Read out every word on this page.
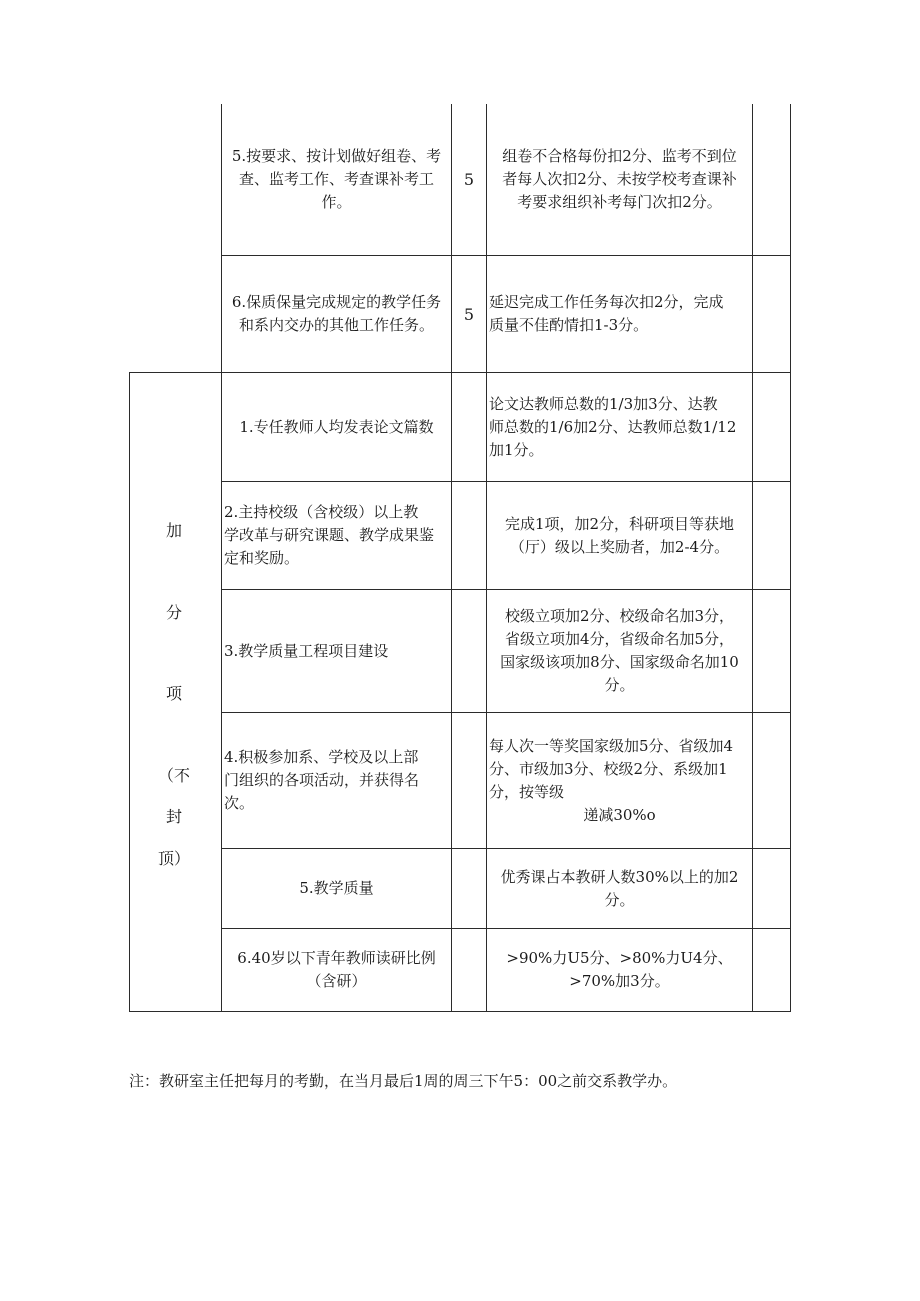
加
分
项
（不
封
顶）
5.按要求、按计划做好组卷、考
查、监考工作、考查课补考工
作。
5
组卷不合格每份扣2分、监考不到位
者每人次扣2分、未按学校考查课补
考要求组织补考每门次扣2分。
6.保质保量完成规定的教学任务
和系内交办的其他工作任务。
5
延迟完成工作任务每次扣2分，完成
质量不佳酌情扣1-3分。
1.专任教师人均发表论文篇数
论文达教师总数的1/3加3分、达教
师总数的1/6加2分、达教师总数1/12
加1分。
2.主持校级（含校级）以上教
学改革与研究课题、教学成果鉴
定和奖励。
完成1项，加2分，科研项目等获地
（厅）级以上奖励者，加2-4分。
3.教学质量工程项目建设
校级立项加2分、校级命名加3分，
省级立项加4分，省级命名加5分，
国家级该项加8分、国家级命名加10
分。
4.积极参加系、学校及以上部
门组织的各项活动，并获得名
次。
每人次一等奖国家级加5分、省级加4
分、市级加3分、校级2分、系级加1
分，按等级
递减30%o
5.教学质量
优秀课占本教研人数30%以上的加2
分。
6.40岁以下青年教师读研比例
（含研）
>90%力U5分、>80%力U4分、
>70%加3分。
注：教研室主任把每月的考勤，在当月最后1周的周三下午5：00之前交系教学办。
